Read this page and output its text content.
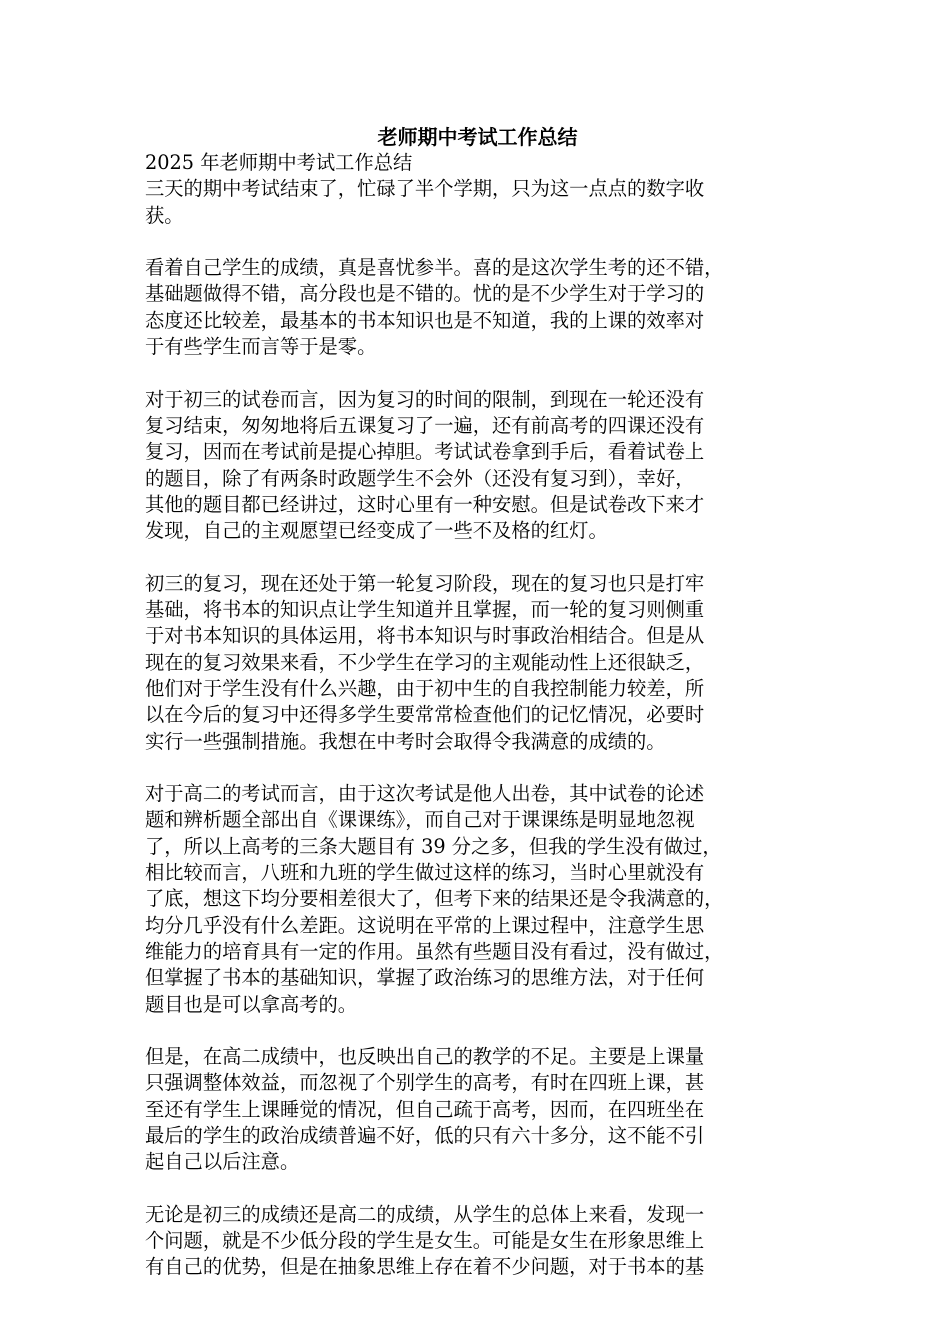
老师期中考试工作总结

2025 年老师期中考试工作总结

三天的期中考试结束了，忙碌了半个学期，只为这一点点的数字收

获。

看着自己学生的成绩，真是喜忧参半。喜的是这次学生考的还不错，

基础题做得不错，高分段也是不错的。忧的是不少学生对于学习的

态度还比较差，最基本的书本知识也是不知道，我的上课的效率对

于有些学生而言等于是零。

对于初三的试卷而言，因为复习的时间的限制，到现在一轮还没有

复习结束，匆匆地将后五课复习了一遍，还有前高考的四课还没有

复习，因而在考试前是提心掉胆。考试试卷拿到手后，看着试卷上

的题目，除了有两条时政题学生不会外（还没有复习到），幸好，

其他的题目都已经讲过，这时心里有一种安慰。但是试卷改下来才

发现，自己的主观愿望已经变成了一些不及格的红灯。

初三的复习，现在还处于第一轮复习阶段，现在的复习也只是打牢

基础，将书本的知识点让学生知道并且掌握，而一轮的复习则侧重

于对书本知识的具体运用，将书本知识与时事政治相结合。但是从

现在的复习效果来看，不少学生在学习的主观能动性上还很缺乏，

他们对于学生没有什么兴趣，由于初中生的自我控制能力较差，所

以在今后的复习中还得多学生要常常检查他们的记忆情况，必要时

实行一些强制措施。我想在中考时会取得令我满意的成绩的。

对于高二的考试而言，由于这次考试是他人出卷，其中试卷的论述

题和辨析题全部出自《课课练》，而自己对于课课练是明显地忽视

了，所以上高考的三条大题目有 39 分之多，但我的学生没有做过，

相比较而言，八班和九班的学生做过这样的练习，当时心里就没有

了底，想这下均分要相差很大了，但考下来的结果还是令我满意的，

均分几乎没有什么差距。这说明在平常的上课过程中，注意学生思

维能力的培育具有一定的作用。虽然有些题目没有看过，没有做过，

但掌握了书本的基础知识，掌握了政治练习的思维方法，对于任何

题目也是可以拿高考的。

但是，在高二成绩中，也反映出自己的教学的不足。主要是上课量

只强调整体效益，而忽视了个别学生的高考，有时在四班上课，甚

至还有学生上课睡觉的情况，但自己疏于高考，因而，在四班坐在

最后的学生的政治成绩普遍不好，低的只有六十多分，这不能不引

起自己以后注意。

无论是初三的成绩还是高二的成绩，从学生的总体上来看，发现一

个问题，就是不少低分段的学生是女生。可能是女生在形象思维上

有自己的优势，但是在抽象思维上存在着不少问题，对于书本的基
